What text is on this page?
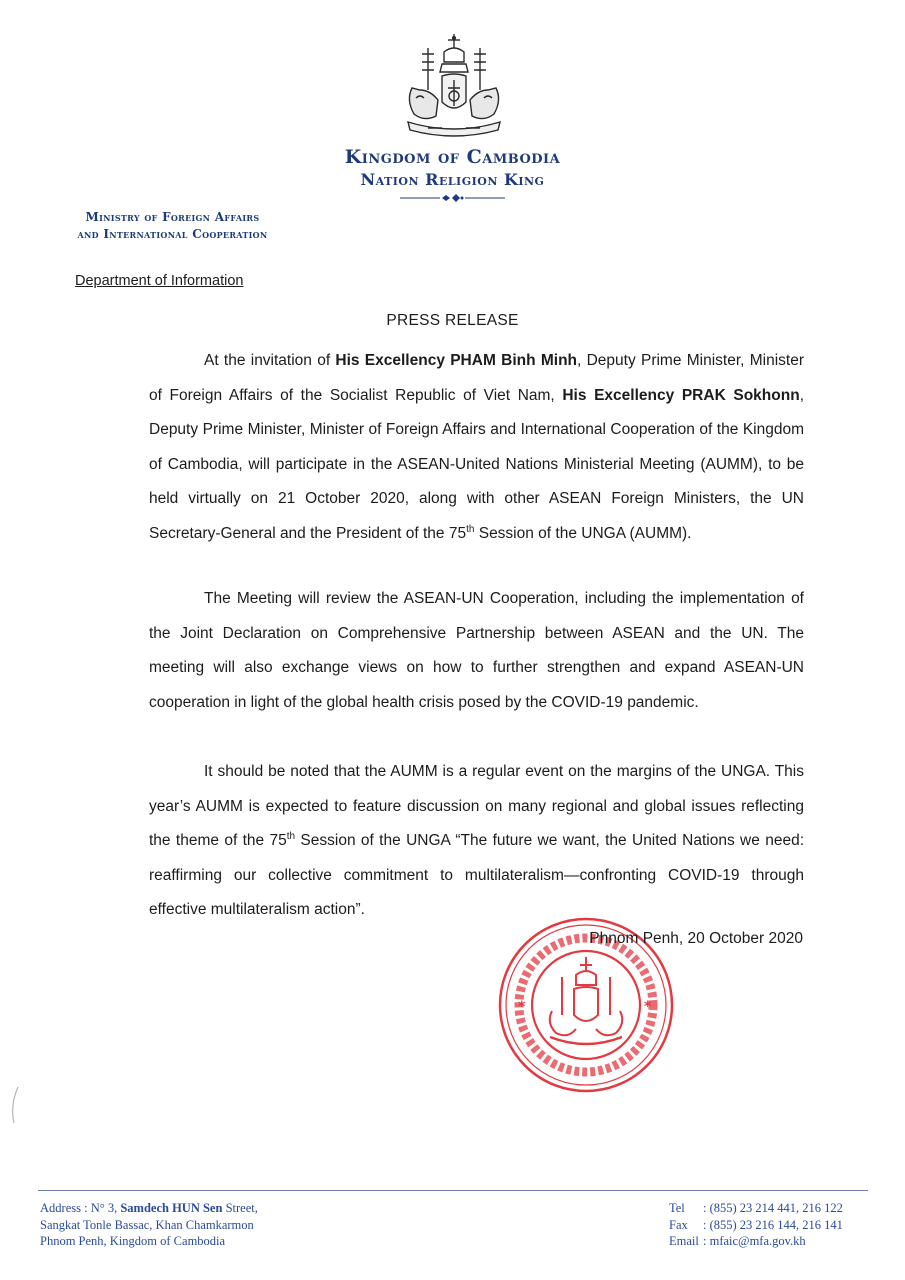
Kingdom of Cambodia
Nation Religion King
Ministry of Foreign Affairs
and International Cooperation
Department of Information
PRESS RELEASE

At the invitation of His Excellency PHAM Binh Minh, Deputy Prime Minister, Minister of Foreign Affairs of the Socialist Republic of Viet Nam, His Excellency PRAK Sokhonn, Deputy Prime Minister, Minister of Foreign Affairs and International Cooperation of the Kingdom of Cambodia, will participate in the ASEAN-United Nations Ministerial Meeting (AUMM), to be held virtually on 21 October 2020, along with other ASEAN Foreign Ministers, the UN Secretary-General and the President of the 75th Session of the UNGA (AUMM).

The Meeting will review the ASEAN-UN Cooperation, including the implementation of the Joint Declaration on Comprehensive Partnership between ASEAN and the UN. The meeting will also exchange views on how to further strengthen and expand ASEAN-UN cooperation in light of the global health crisis posed by the COVID-19 pandemic.

It should be noted that the AUMM is a regular event on the margins of the UNGA. This year’s AUMM is expected to feature discussion on many regional and global issues reflecting the theme of the 75th Session of the UNGA “The future we want, the United Nations we need: reaffirming our collective commitment to multilateralism—confronting COVID-19 through effective multilateralism action”.

*	*
Phnom Penh, 20 October 2020
Address : N° 3, Samdech HUN Sen Street,
Sangkat Tonle Bassac, Khan Chamkarmon
Phnom Penh, Kingdom of Cambodia
Tel	: (855) 23 214 441, 216 122
Fax	: (855) 23 216 144, 216 141
Email : mfaic@mfa.gov.kh
